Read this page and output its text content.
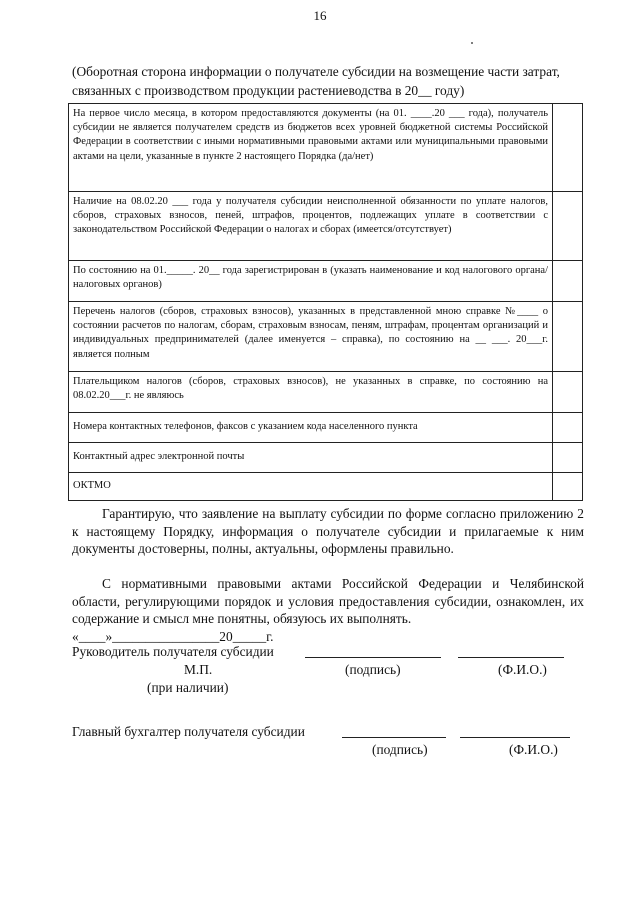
16
(Оборотная сторона информации о получателе субсидии на возмещение части затрат, связанных с производством продукции растениеводства в 20__ году)
На первое число месяца, в котором предоставляются документы (на 01. ____.20 ___ года), получатель субсидии не является получателем средств из бюджетов всех уровней бюджетной системы Российской Федерации в соответствии с иными нормативными правовыми актами или муниципальными правовыми актами на цели, указанные в пункте 2 настоящего Порядка (да/нет)	
Наличие на 08.02.20 ___ года у получателя субсидии неисполненной обязанности по уплате налогов, сборов, страховых взносов, пеней, штрафов, процентов, подлежащих уплате в соответствии с законодательством Российской Федерации о налогах и сборах (имеется/отсутствует)	
По состоянию на 01._____. 20__ года зарегистрирован в (указать наименование и код налогового органа/налоговых органов)	
Перечень налогов (сборов, страховых взносов), указанных в представленной мною справке №____ о состоянии расчетов по налогам, сборам, страховым взносам, пеням, штрафам, процентам организаций и индивидуальных предпринимателей (далее именуется – справка), по состоянию на __ ___. 20___г. является полным	
Плательщиком налогов (сборов, страховых взносов), не указанных в справке, по состоянию на 08.02.20___г. не являюсь	
Номера контактных телефонов, факсов с указанием кода населенного пункта	
Контактный адрес электронной почты	
ОКТМО	
Гарантирую, что заявление на выплату субсидии по форме согласно приложению 2 к настоящему Порядку, информация о получателе субсидии и прилагаемые к ним документы достоверны, полны, актуальны, оформлены правильно.
С нормативными правовыми актами Российской Федерации и Челябинской области, регулирующими порядок и условия предоставления субсидии, ознакомлен, их содержание и смысл мне понятны, обязуюсь их выполнять.
«____»________________20_____г.
Руководитель получателя субсидии
М.П.	(подпись)	(Ф.И.О.)
(при наличии)
Главный бухгалтер получателя субсидии
(подпись)	(Ф.И.О.)
